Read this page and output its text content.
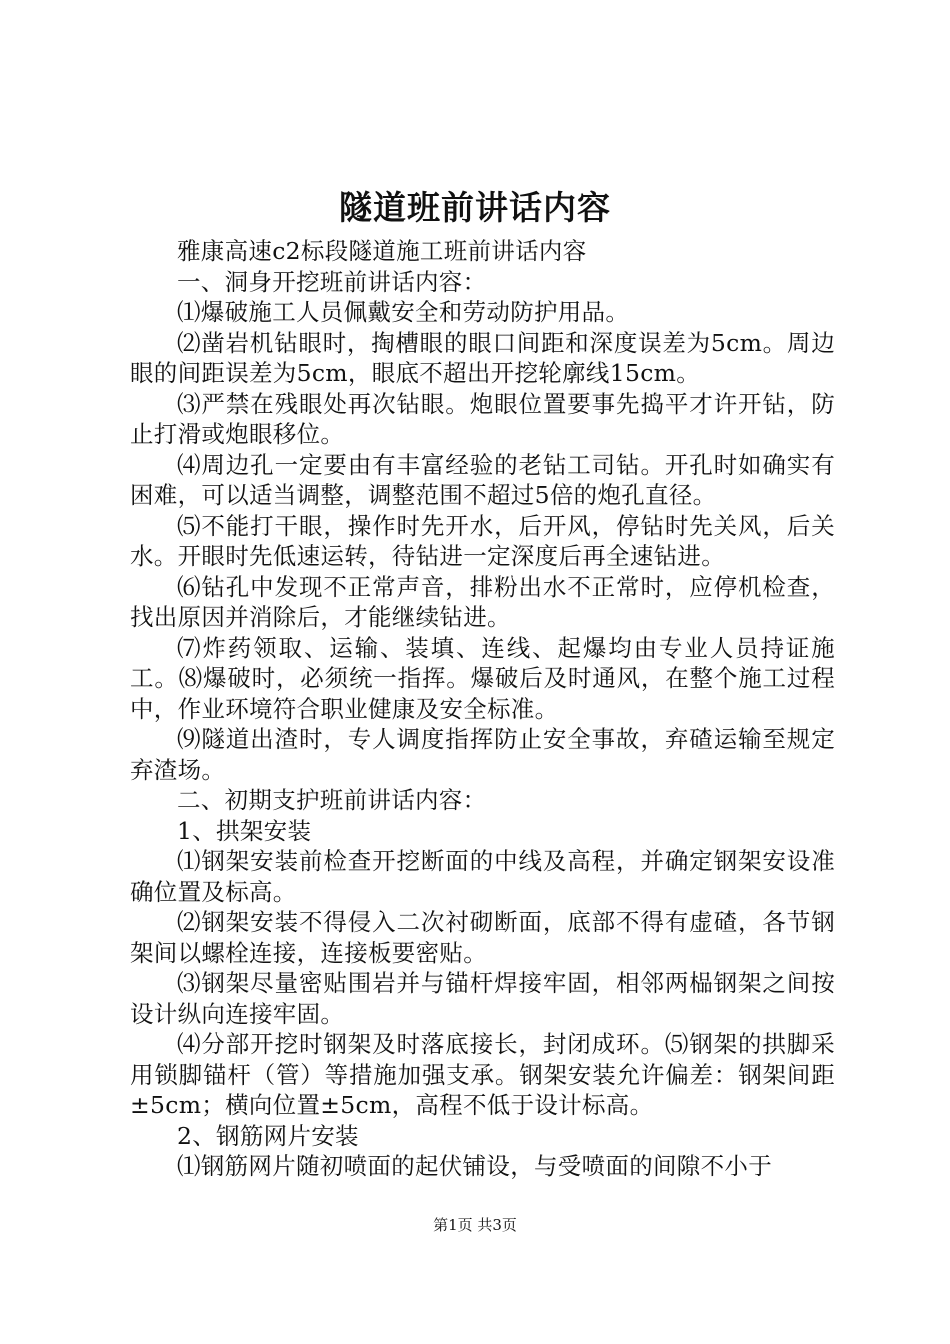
隧道班前讲话内容

雅康高速c2标段隧道施工班前讲话内容

一、洞身开挖班前讲话内容：

⑴爆破施工人员佩戴安全和劳动防护用品。

⑵凿岩机钻眼时，掏槽眼的眼口间距和深度误差为5cm。周边眼的间距误差为5cm，眼底不超出开挖轮廓线15cm。

⑶严禁在残眼处再次钻眼。炮眼位置要事先捣平才许开钻，防止打滑或炮眼移位。

⑷周边孔一定要由有丰富经验的老钻工司钻。开孔时如确实有困难，可以适当调整，调整范围不超过5倍的炮孔直径。

⑸不能打干眼，操作时先开水，后开风，停钻时先关风，后关水。开眼时先低速运转，待钻进一定深度后再全速钻进。

⑹钻孔中发现不正常声音，排粉出水不正常时，应停机检查，找出原因并消除后，才能继续钻进。

⑺炸药领取、运输、装填、连线、起爆均由专业人员持证施工。⑻爆破时，必须统一指挥。爆破后及时通风，在整个施工过程中，作业环境符合职业健康及安全标准。

⑼隧道出渣时，专人调度指挥防止安全事故，弃碴运输至规定弃渣场。

二、初期支护班前讲话内容：

1、拱架安装

⑴钢架安装前检查开挖断面的中线及高程，并确定钢架安设准确位置及标高。

⑵钢架安装不得侵入二次衬砌断面，底部不得有虚碴，各节钢架间以螺栓连接，连接板要密贴。

⑶钢架尽量密贴围岩并与锚杆焊接牢固，相邻两榀钢架之间按设计纵向连接牢固。

⑷分部开挖时钢架及时落底接长，封闭成环。⑸钢架的拱脚采用锁脚锚杆（管）等措施加强支承。钢架安装允许偏差：钢架间距±5cm；横向位置±5cm，高程不低于设计标高。

2、钢筋网片安装

⑴钢筋网片随初喷面的起伏铺设，与受喷面的间隙不小于

第1页 共3页
